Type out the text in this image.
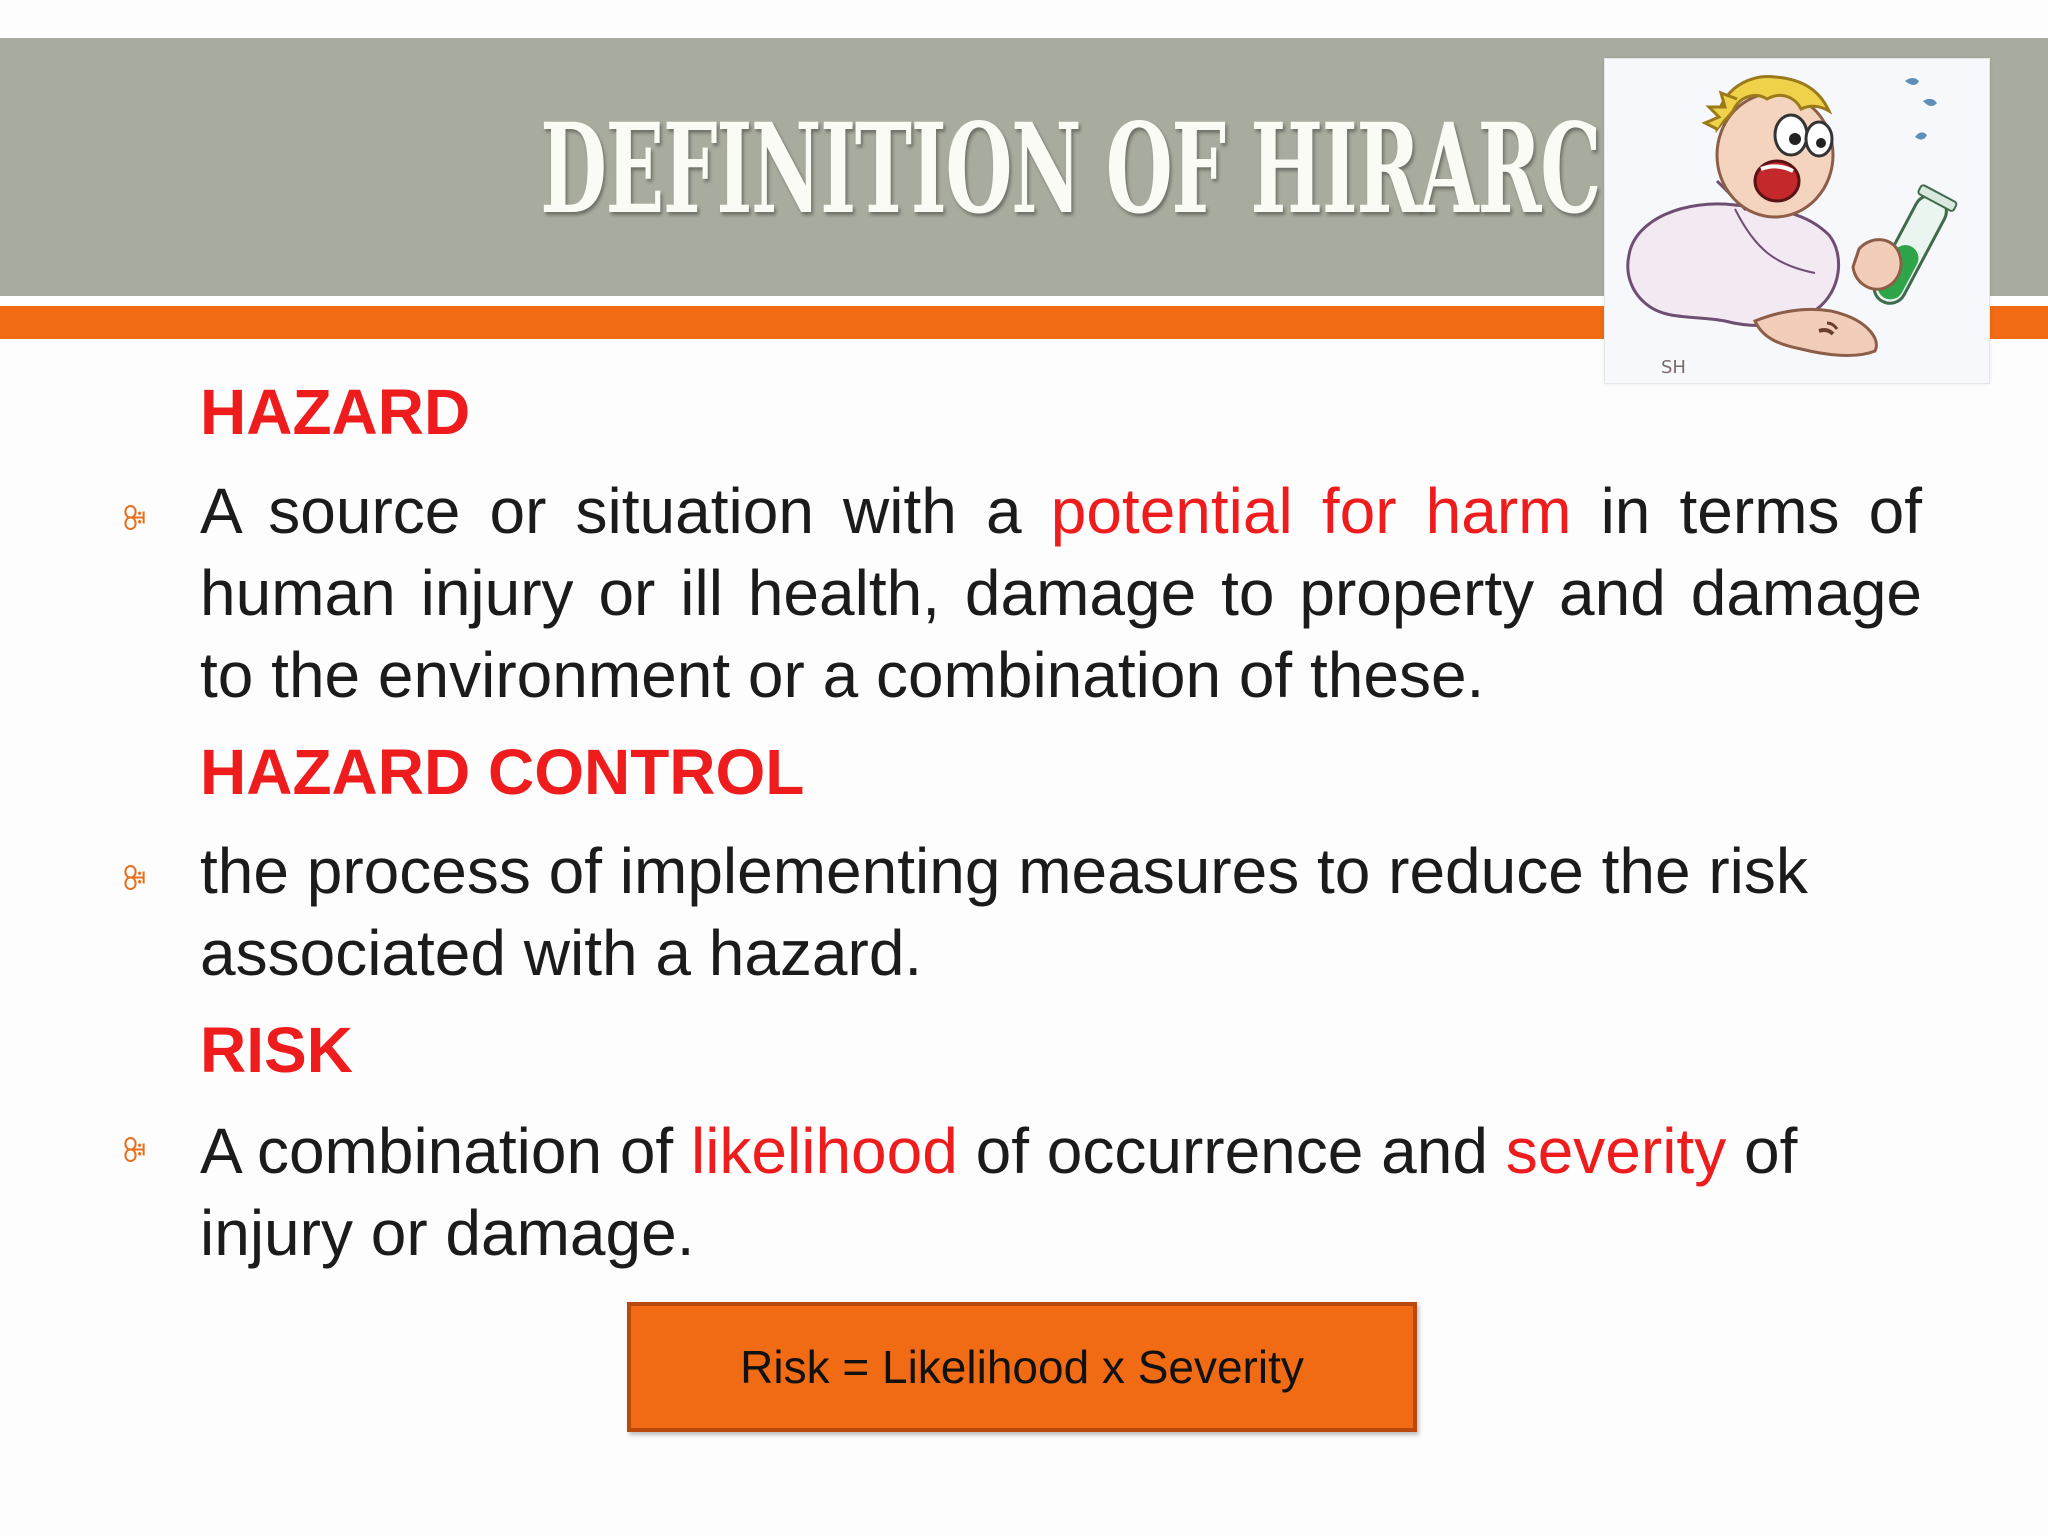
DEFINITION OF HIRARC
SH
HAZARD
ꔭ A source or situation with a potential for harm in terms of human injury or ill health, damage to property and damage to the environment or a combination of these.
HAZARD CONTROL
ꔭ the process of implementing measures to reduce the risk associated with a hazard.
RISK
ꔭ A combination of likelihood of occurrence and severity of injury or damage.
Risk = Likelihood x Severity
